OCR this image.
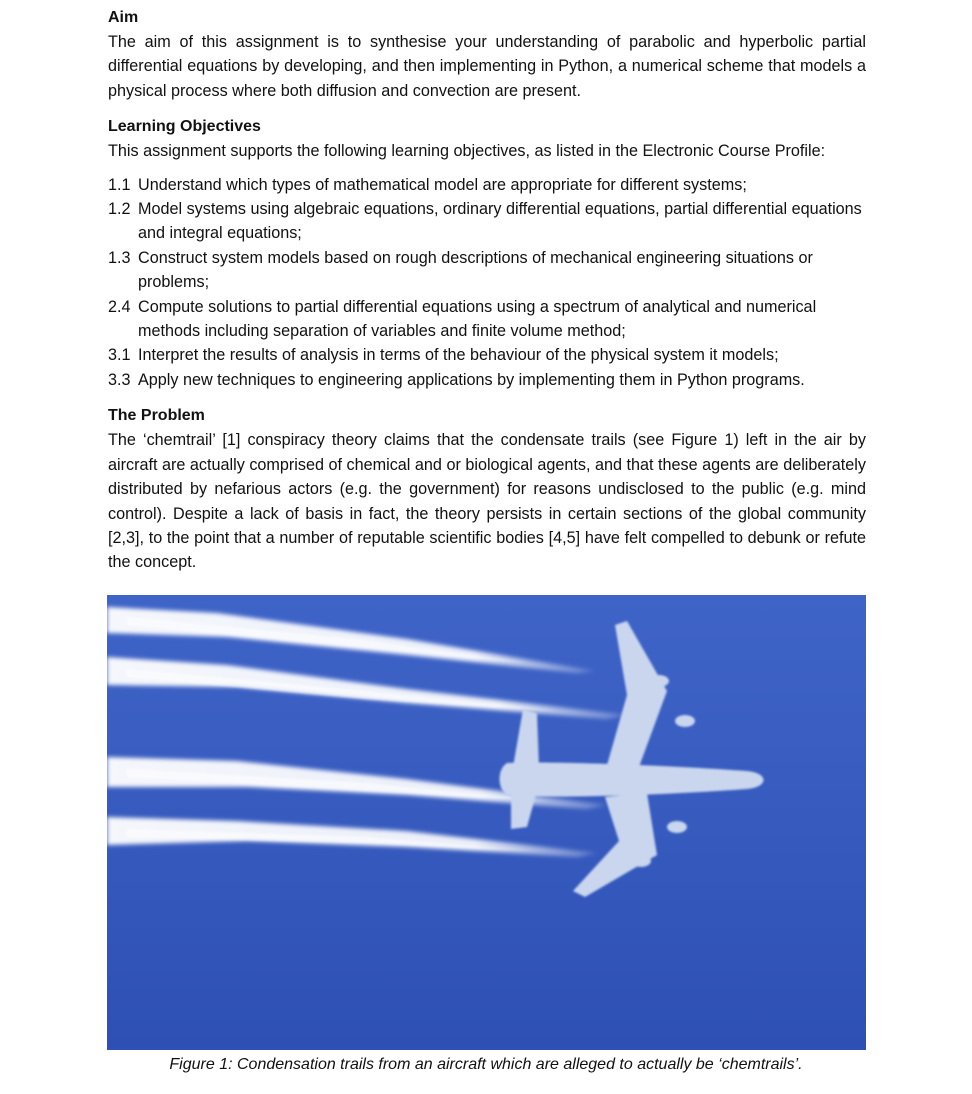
Aim

The aim of this assignment is to synthesise your understanding of parabolic and hyperbolic partial differential equations by developing, and then implementing in Python, a numerical scheme that models a physical process where both diffusion and convection are present.

Learning Objectives

This assignment supports the following learning objectives, as listed in the Electronic Course Profile:

1.1 Understand which types of mathematical model are appropriate for different systems;
1.2 Model systems using algebraic equations, ordinary differential equations, partial differential equations and integral equations;
1.3 Construct system models based on rough descriptions of mechanical engineering situations or problems;
2.4 Compute solutions to partial differential equations using a spectrum of analytical and numerical methods including separation of variables and finite volume method;
3.1 Interpret the results of analysis in terms of the behaviour of the physical system it models;
3.3 Apply new techniques to engineering applications by implementing them in Python programs.
The Problem

The ‘chemtrail’ [1] conspiracy theory claims that the condensate trails (see Figure 1) left in the air by aircraft are actually comprised of chemical and or biological agents, and that these agents are deliberately distributed by nefarious actors (e.g. the government) for reasons undisclosed to the public (e.g. mind control). Despite a lack of basis in fact, the theory persists in certain sections of the global community [2,3], to the point that a number of reputable scientific bodies [4,5] have felt compelled to debunk or refute the concept.

Figure 1: Condensation trails from an aircraft which are alleged to actually be ‘chemtrails’.
